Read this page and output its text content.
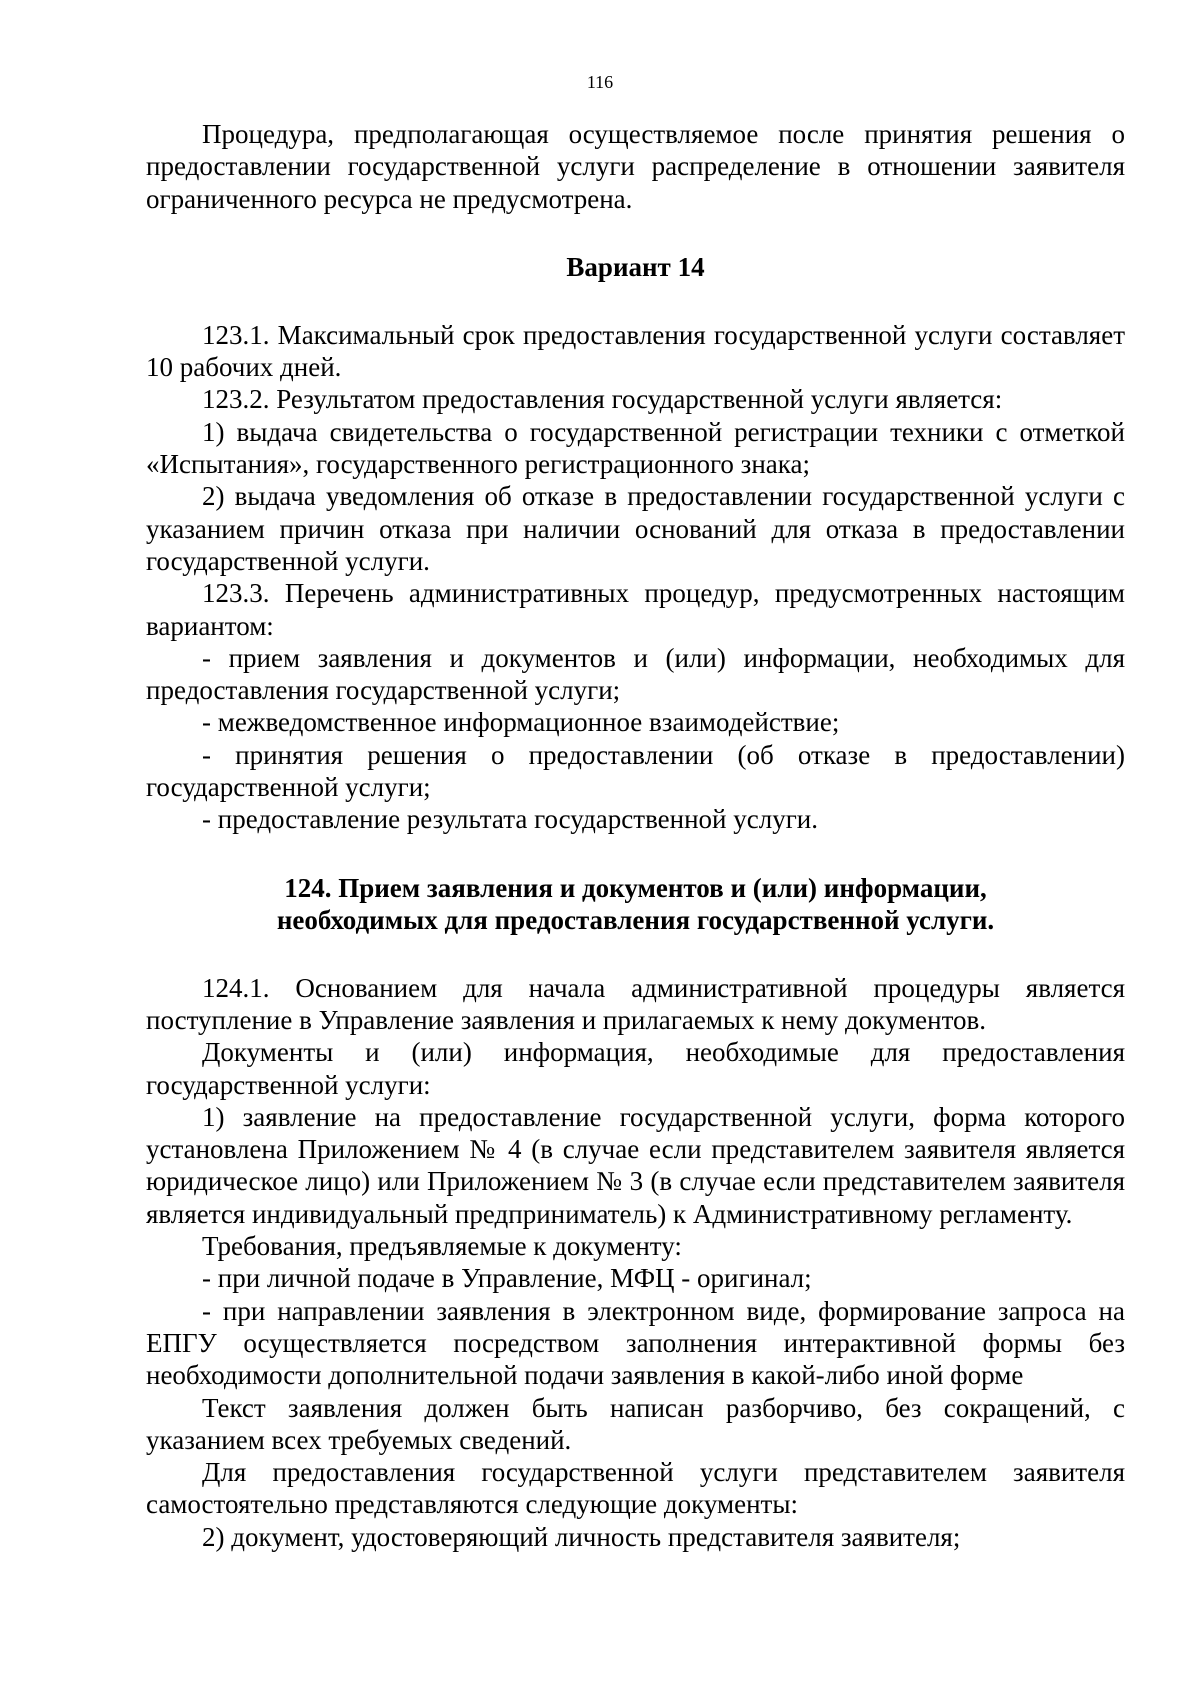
116

Процедура, предполагающая осуществляемое после принятия решения о предоставлении государственной услуги распределение в отношении заявителя ограниченного ресурса не предусмотрена.

Вариант 14

123.1. Максимальный срок предоставления государственной услуги составляет 10 рабочих дней.

123.2. Результатом предоставления государственной услуги является:

1) выдача свидетельства о государственной регистрации техники с отметкой «Испытания», государственного регистрационного знака;

2) выдача уведомления об отказе в предоставлении государственной услуги с указанием причин отказа при наличии оснований для отказа в предоставлении государственной услуги.

123.3. Перечень административных процедур, предусмотренных настоящим вариантом:

- прием заявления и документов и (или) информации, необходимых для предоставления государственной услуги;

- межведомственное информационное взаимодействие;

- принятия решения о предоставлении (об отказе в предоставлении) государственной услуги;

- предоставление результата государственной услуги.

124. Прием заявления и документов и (или) информации,

необходимых для предоставления государственной услуги.

124.1. Основанием для начала административной процедуры является поступление в Управление заявления и прилагаемых к нему документов.

Документы и (или) информация, необходимые для предоставления государственной услуги:

1) заявление на предоставление государственной услуги, форма которого установлена Приложением № 4 (в случае если представителем заявителя является юридическое лицо) или Приложением № 3 (в случае если представителем заявителя является индивидуальный предприниматель) к Административному регламенту.

Требования, предъявляемые к документу:

- при личной подаче в Управление, МФЦ - оригинал;

- при направлении заявления в электронном виде, формирование запроса на ЕПГУ осуществляется посредством заполнения интерактивной формы без необходимости дополнительной подачи заявления в какой-либо иной форме

Текст заявления должен быть написан разборчиво, без сокращений, с указанием всех требуемых сведений.

Для предоставления государственной услуги представителем заявителя самостоятельно представляются следующие документы:

2) документ, удостоверяющий личность представителя заявителя;
